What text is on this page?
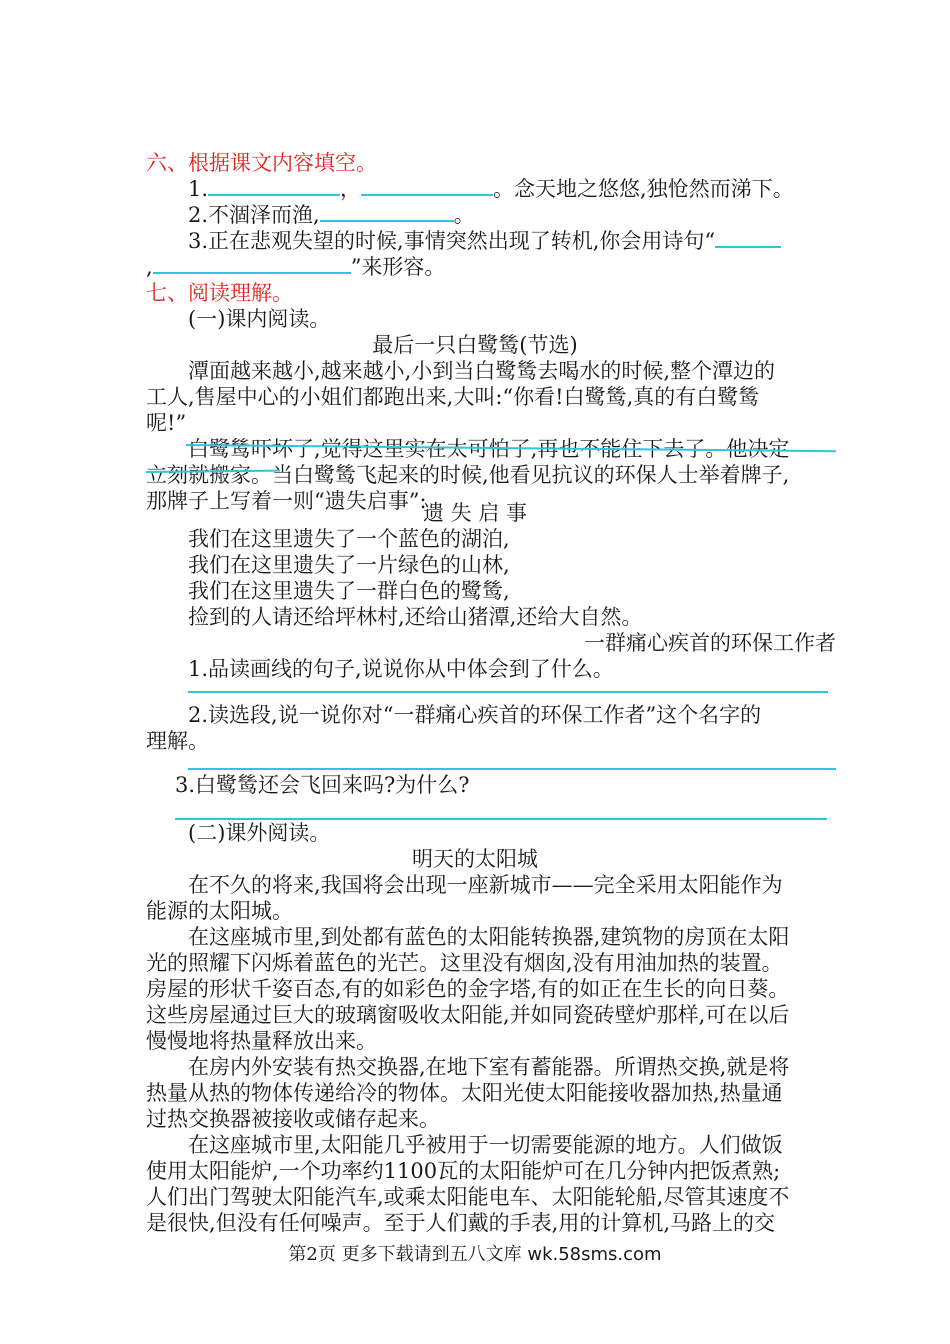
六、根据课文内容填空。
1.	，	。念天地之悠悠,独怆然而涕下。
2.不涸泽而渔,	。
3.正在悲观失望的时候,事情突然出现了转机,你会用诗句“
,	”来形容。
七、阅读理解。
(一)课内阅读。
最后一只白鹭鸶(节选)
潭面越来越小,越来越小,小到当白鹭鸶去喝水的时候,整个潭边的
工人,售屋中心的小姐们都跑出来,大叫:“你看!白鹭鸶,真的有白鹭鸶
呢!”
白鹭鸶吓坏了,觉得这里实在太可怕了,再也不能住下去了。他决定
立刻就搬家。当白鹭鸶飞起来的时候,他看见抗议的环保人士举着牌子,
那牌子上写着一则“遗失启事”:
遗 失 启 事
我们在这里遗失了一个蓝色的湖泊,
我们在这里遗失了一片绿色的山林,
我们在这里遗失了一群白色的鹭鸶,
捡到的人请还给坪林村,还给山猪潭,还给大自然。
一群痛心疾首的环保工作者
1.品读画线的句子,说说你从中体会到了什么。
2.读选段,说一说你对“一群痛心疾首的环保工作者”这个名字的
理解。
3.白鹭鸶还会飞回来吗?为什么?
(二)课外阅读。
明天的太阳城
在不久的将来,我国将会出现一座新城市——完全采用太阳能作为
能源的太阳城。
在这座城市里,到处都有蓝色的太阳能转换器,建筑物的房顶在太阳
光的照耀下闪烁着蓝色的光芒。这里没有烟囱,没有用油加热的装置。
房屋的形状千姿百态,有的如彩色的金字塔,有的如正在生长的向日葵。
这些房屋通过巨大的玻璃窗吸收太阳能,并如同瓷砖壁炉那样,可在以后
慢慢地将热量释放出来。
在房内外安装有热交换器,在地下室有蓄能器。所谓热交换,就是将
热量从热的物体传递给冷的物体。太阳光使太阳能接收器加热,热量通
过热交换器被接收或储存起来。
在这座城市里,太阳能几乎被用于一切需要能源的地方。人们做饭
使用太阳能炉,一个功率约1100瓦的太阳能炉可在几分钟内把饭煮熟;
人们出门驾驶太阳能汽车,或乘太阳能电车、太阳能轮船,尽管其速度不
是很快,但没有任何噪声。至于人们戴的手表,用的计算机,马路上的交
第2页 更多下载请到五八文库 wk.58sms.com
